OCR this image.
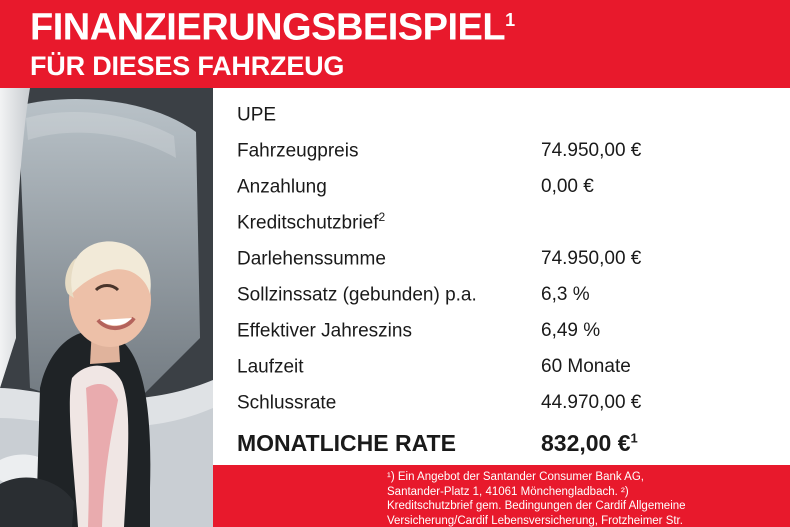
FINANZIERUNGSBEISPIEL$^1$
FÜR DIESES FAHRZEUG
UPE
Fahrzeugpreis	74.950,00 €
Anzahlung	0,00 €
Kreditschutzbrief$^2$
Darlehenssumme	74.950,00 €
Sollzinssatz (gebunden) p.a.	6,3 %
Effektiver Jahreszins	6,49 %
Laufzeit	60 Monate
Schlussrate	44.970,00 €
MONATLICHE RATE	832,00 €$^1$
¹) Ein Angebot der Santander Consumer Bank AG,
Santander-Platz 1, 41061 Mönchengladbach. ²)
Kreditschutzbrief gem. Bedingungen der Cardif Allgemeine
Versicherung/Cardif Lebensversicherung, Frotzheimer Str.
